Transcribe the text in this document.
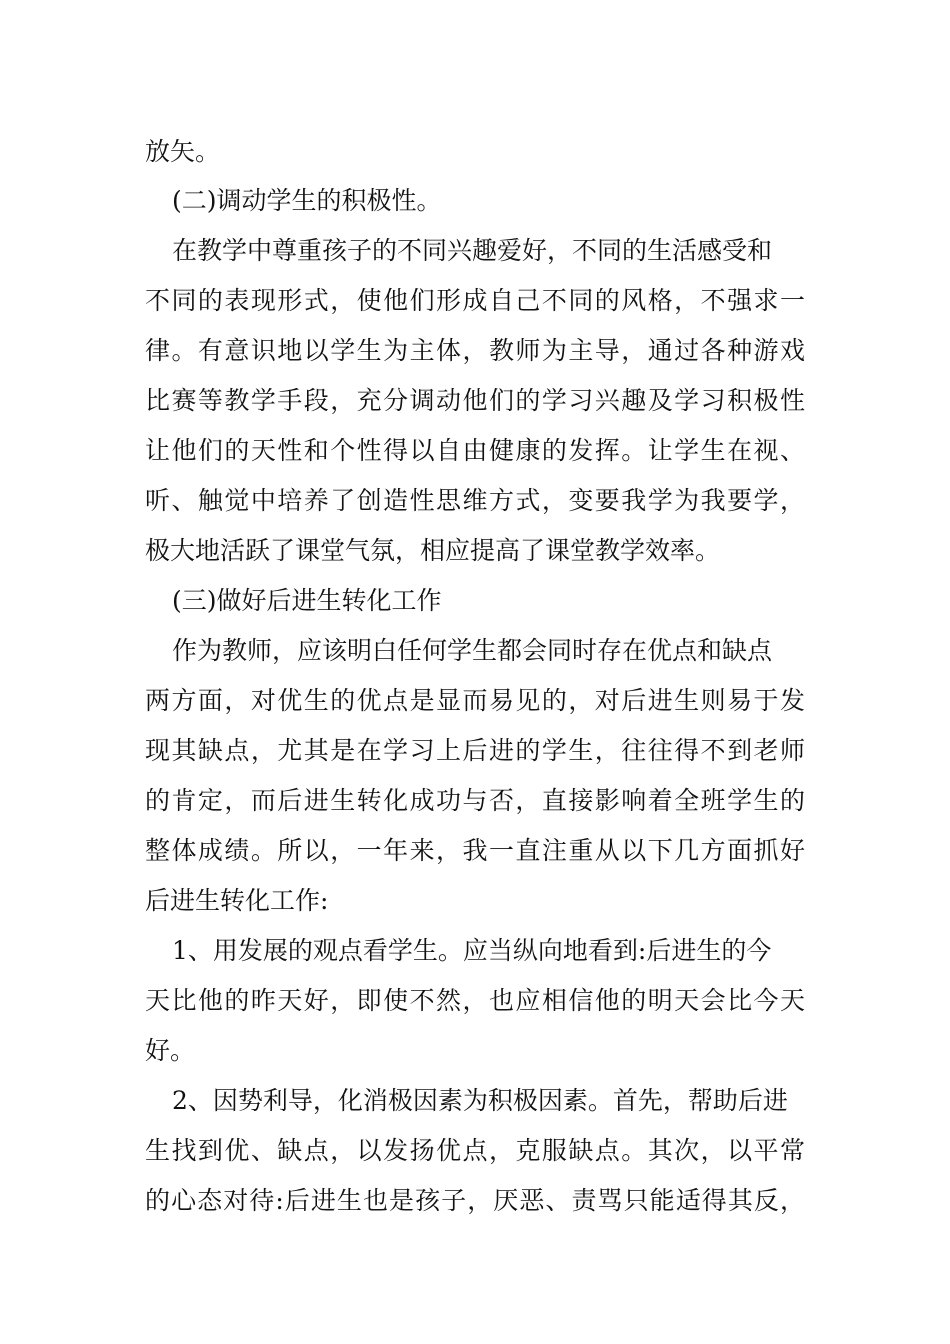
放矢。
(二)调动学生的积极性。
在教学中尊重孩子的不同兴趣爱好，不同的生活感受和
不同的表现形式，使他们形成自己不同的风格，不强求一
律。有意识地以学生为主体，教师为主导，通过各种游戏
比赛等教学手段，充分调动他们的学习兴趣及学习积极性
让他们的天性和个性得以自由健康的发挥。让学生在视、
听、触觉中培养了创造性思维方式，变要我学为我要学，
极大地活跃了课堂气氛，相应提高了课堂教学效率。
(三)做好后进生转化工作
作为教师，应该明白任何学生都会同时存在优点和缺点
两方面，对优生的优点是显而易见的，对后进生则易于发
现其缺点，尤其是在学习上后进的学生，往往得不到老师
的肯定，而后进生转化成功与否，直接影响着全班学生的
整体成绩。所以，一年来，我一直注重从以下几方面抓好
后进生转化工作:
1、用发展的观点看学生。应当纵向地看到:后进生的今
天比他的昨天好，即使不然，也应相信他的明天会比今天
好。
2、因势利导，化消极因素为积极因素。首先，帮助后进
生找到优、缺点，以发扬优点，克服缺点。其次，以平常
的心态对待:后进生也是孩子，厌恶、责骂只能适得其反，
